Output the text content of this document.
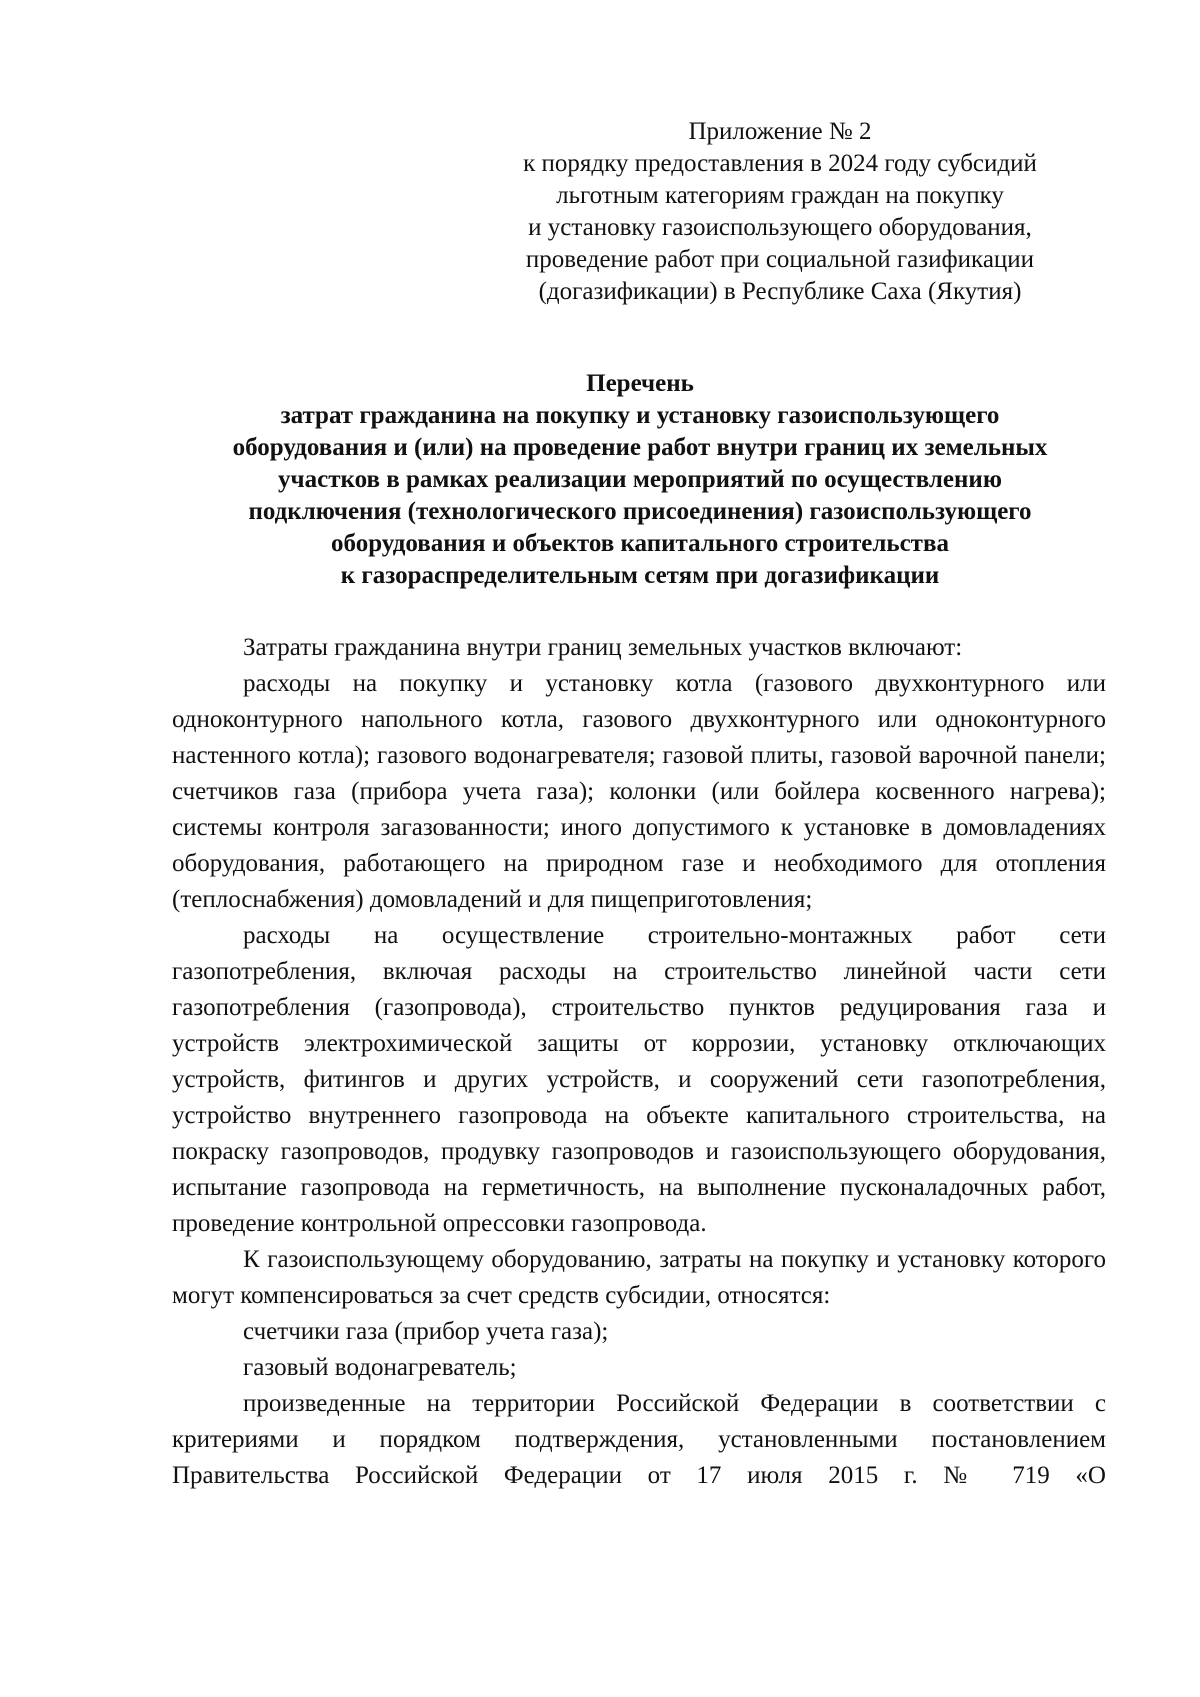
Приложение № 2
к порядку предоставления в 2024 году субсидий
льготным категориям граждан на покупку
и установку газоиспользующего оборудования,
проведение работ при социальной газификации
(догазификации) в Республике Саха (Якутия)
Перечень
затрат гражданина на покупку и установку газоиспользующего
оборудования и (или) на проведение работ внутри границ их земельных
участков в рамках реализации мероприятий по осуществлению
подключения (технологического присоединения) газоиспользующего
оборудования и объектов капитального строительства
к газораспределительным сетям при догазификации

Затраты гражданина внутри границ земельных участков включают:

расходы на покупку и установку котла (газового двухконтурного или одноконтурного напольного котла, газового двухконтурного или одноконтурного настенного котла); газового водонагревателя; газовой плиты, газовой варочной панели; счетчиков газа (прибора учета газа); колонки (или бойлера косвенного нагрева); системы контроля загазованности; иного допустимого к установке в домовладениях оборудования, работающего на природном газе и необходимого для отопления (теплоснабжения) домовладений и для пищеприготовления;

расходы на осуществление строительно-монтажных работ сети газопотребления, включая расходы на строительство линейной части сети газопотребления (газопровода), строительство пунктов редуцирования газа и устройств электрохимической защиты от коррозии, установку отключающих устройств, фитингов и других устройств, и сооружений сети газопотребления, устройство внутреннего газопровода на объекте капитального строительства, на покраску газопроводов, продувку газопроводов и газоиспользующего оборудования, испытание газопровода на герметичность, на выполнение пусконаладочных работ, проведение контрольной опрессовки газопровода.

К газоиспользующему оборудованию, затраты на покупку и установку которого могут компенсироваться за счет средств субсидии, относятся:

счетчики газа (прибор учета газа);

газовый водонагреватель;

произведенные на территории Российской Федерации в соответствии с критериями и порядком подтверждения, установленными постановлением Правительства Российской Федерации от 17 июля 2015 г. № 719 «О
